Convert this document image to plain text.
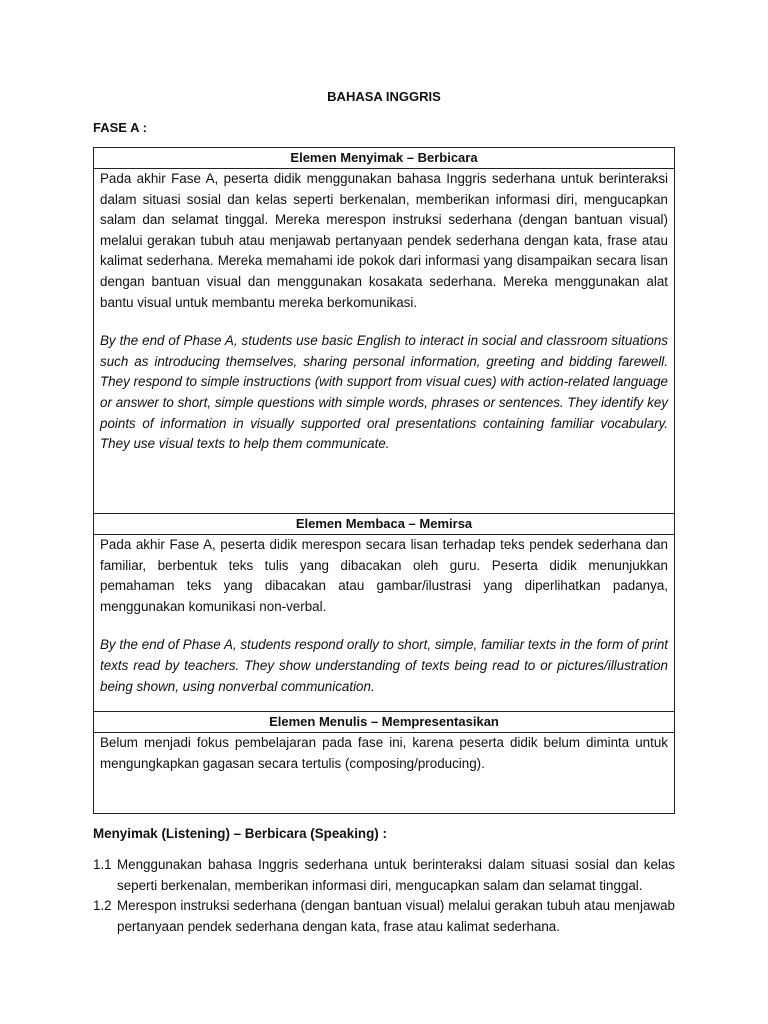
BAHASA INGGRIS
FASE A :
Elemen Menyimak – Berbicara

Pada akhir Fase A, peserta didik menggunakan bahasa Inggris sederhana untuk berinteraksi dalam situasi sosial dan kelas seperti berkenalan, memberikan informasi diri, mengucapkan salam dan selamat tinggal. Mereka merespon instruksi sederhana (dengan bantuan visual) melalui gerakan tubuh atau menjawab pertanyaan pendek sederhana dengan kata, frase atau kalimat sederhana. Mereka memahami ide pokok dari informasi yang disampaikan secara lisan dengan bantuan visual dan menggunakan kosakata sederhana. Mereka menggunakan alat bantu visual untuk membantu mereka berkomunikasi.

By the end of Phase A, students use basic English to interact in social and classroom situations such as introducing themselves, sharing personal information, greeting and bidding farewell. They respond to simple instructions (with support from visual cues) with action-related language or answer to short, simple questions with simple words, phrases or sentences. They identify key points of information in visually supported oral presentations containing familiar vocabulary. They use visual texts to help them communicate.

Elemen Membaca – Memirsa

Pada akhir Fase A, peserta didik merespon secara lisan terhadap teks pendek sederhana dan familiar, berbentuk teks tulis yang dibacakan oleh guru. Peserta didik menunjukkan pemahaman teks yang dibacakan atau gambar/ilustrasi yang diperlihatkan padanya, menggunakan komunikasi non-verbal.

By the end of Phase A, students respond orally to short, simple, familiar texts in the form of print texts read by teachers. They show understanding of texts being read to or pictures/illustration being shown, using nonverbal communication.

Elemen Menulis – Mempresentasikan

Belum menjadi fokus pembelajaran pada fase ini, karena peserta didik belum diminta untuk mengungkapkan gagasan secara tertulis (composing/producing).

Menyimak (Listening) – Berbicara (Speaking) :
1.1 Menggunakan bahasa Inggris sederhana untuk berinteraksi dalam situasi sosial dan kelas seperti berkenalan, memberikan informasi diri, mengucapkan salam dan selamat tinggal.
1.2 Merespon instruksi sederhana (dengan bantuan visual) melalui gerakan tubuh atau menjawab pertanyaan pendek sederhana dengan kata, frase atau kalimat sederhana.
